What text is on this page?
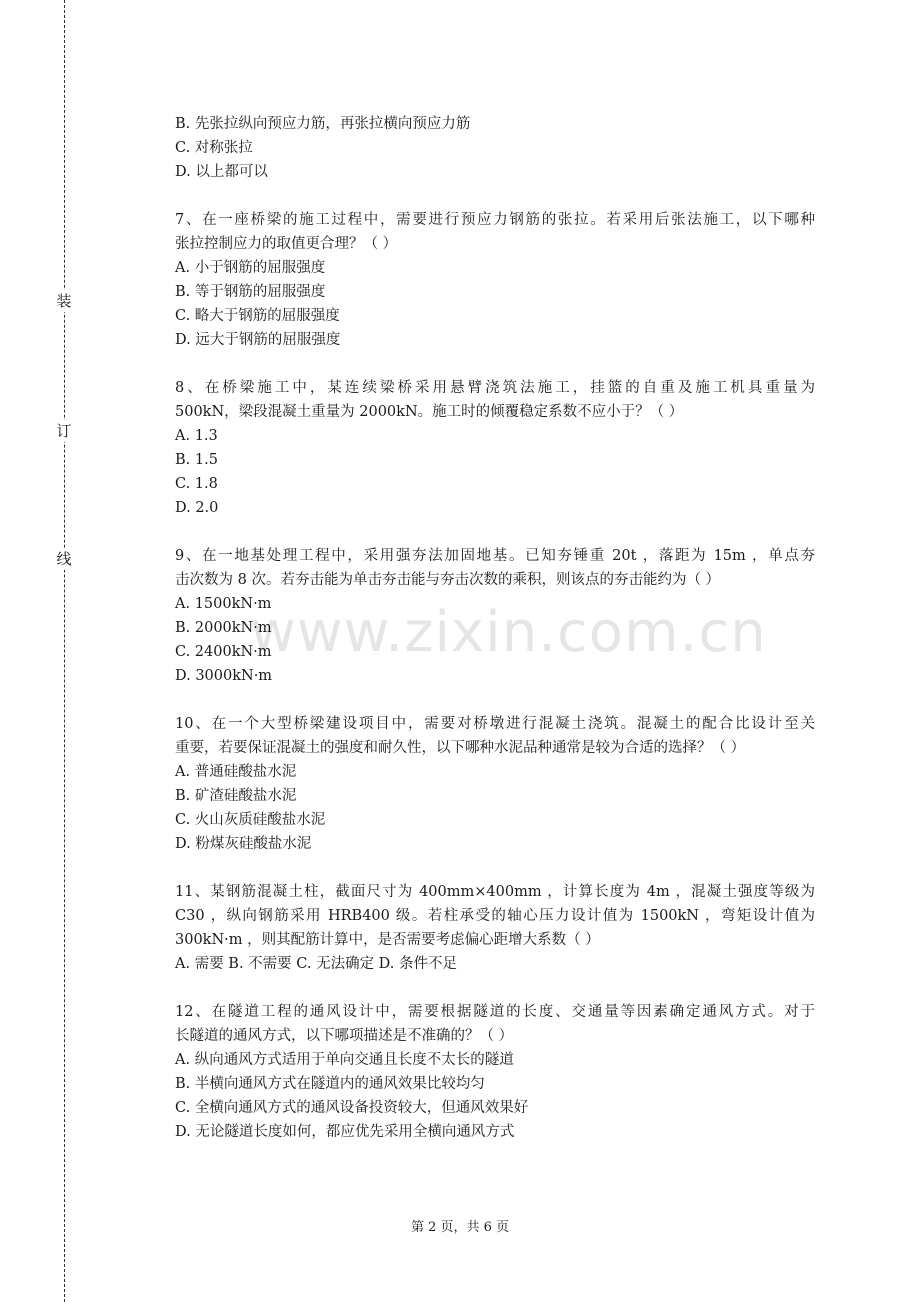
装
订
线
www.zixin.com.cn
B. 先张拉纵向预应力筋，再张拉横向预应力筋
C. 对称张拉
D. 以上都可以
7、在一座桥梁的施工过程中，需要进行预应力钢筋的张拉。若采用后张法施工，以下哪种
张拉控制应力的取值更合理？（ ）
A. 小于钢筋的屈服强度
B. 等于钢筋的屈服强度
C. 略大于钢筋的屈服强度
D. 远大于钢筋的屈服强度
8、在桥梁施工中，某连续梁桥采用悬臂浇筑法施工，挂篮的自重及施工机具重量为
500kN，梁段混凝土重量为 2000kN。施工时的倾覆稳定系数不应小于？（ ）
A. 1.3
B. 1.5
C. 1.8
D. 2.0
9、在一地基处理工程中，采用强夯法加固地基。已知夯锤重 20t ，落距为 15m ，单点夯
击次数为 8 次。若夯击能为单击夯击能与夯击次数的乘积，则该点的夯击能约为（ ）
A. 1500kN·m
B. 2000kN·m
C. 2400kN·m
D. 3000kN·m
10、在一个大型桥梁建设项目中，需要对桥墩进行混凝土浇筑。混凝土的配合比设计至关
重要，若要保证混凝土的强度和耐久性，以下哪种水泥品种通常是较为合适的选择？（ ）
A. 普通硅酸盐水泥
B. 矿渣硅酸盐水泥
C. 火山灰质硅酸盐水泥
D. 粉煤灰硅酸盐水泥
11、某钢筋混凝土柱，截面尺寸为 400mm×400mm ，计算长度为 4m ，混凝土强度等级为
C30 ，纵向钢筋采用 HRB400 级。若柱承受的轴心压力设计值为 1500kN ，弯矩设计值为
300kN·m ，则其配筋计算中，是否需要考虑偏心距增大系数（ ）
A. 需要 B. 不需要 C. 无法确定 D. 条件不足
12、在隧道工程的通风设计中，需要根据隧道的长度、交通量等因素确定通风方式。对于
长隧道的通风方式，以下哪项描述是不准确的？（ ）
A. 纵向通风方式适用于单向交通且长度不太长的隧道
B. 半横向通风方式在隧道内的通风效果比较均匀
C. 全横向通风方式的通风设备投资较大，但通风效果好
D. 无论隧道长度如何，都应优先采用全横向通风方式
第 2 页，共 6 页
